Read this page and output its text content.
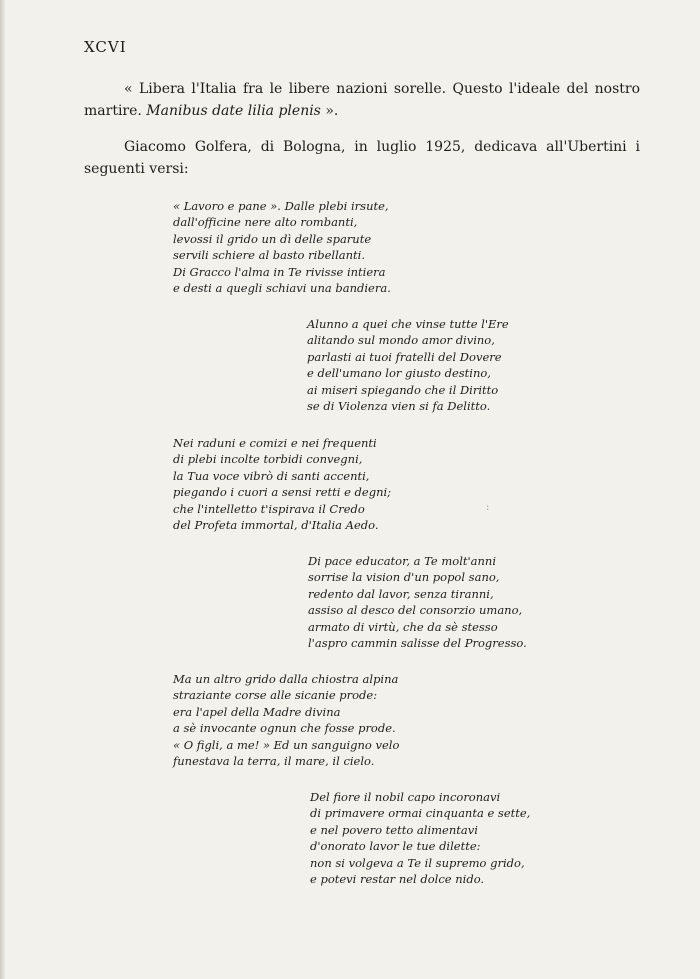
XCVI

« Libera l'Italia fra le libere nazioni sorelle. Questo l'ideale del nostro martire. Manibus date lilia plenis ».

Giacomo Golfera, di Bologna, in luglio 1925, dedicava all'Ubertini i seguenti versi:

« Lavoro e pane ». Dalle plebi irsute,
dall'officine nere alto rombanti,
levossi il grido un dì delle sparute
servili schiere al basto ribellanti.
Di Gracco l'alma in Te rivisse intiera
e desti a quegli schiavi una bandiera.
Alunno a quei che vinse tutte l'Ere
alitando sul mondo amor divino,
parlasti ai tuoi fratelli del Dovere
e dell'umano lor giusto destino,
ai miseri spiegando che il Diritto
se di Violenza vien si fa Delitto.
Nei raduni e comizi e nei frequenti
di plebi incolte torbidi convegni,
la Tua voce vibrò di santi accenti,
piegando i cuori a sensi retti e degni;
che l'intelletto t'ispirava il Credo
del Profeta immortal, d'Italia Aedo.
:
Di pace educator, a Te molt'anni
sorrise la vision d'un popol sano,
redento dal lavor, senza tiranni,
assiso al desco del consorzio umano,
armato di virtù, che da sè stesso
l'aspro cammin salisse del Progresso.
Ma un altro grido dalla chiostra alpina
straziante corse alle sicanie prode:
era l'apel della Madre divina
a sè invocante ognun che fosse prode.
« O figli, a me! » Ed un sanguigno velo
funestava la terra, il mare, il cielo.
Del fiore il nobil capo incoronavi
di primavere ormai cinquanta e sette,
e nel povero tetto alimentavi
d'onorato lavor le tue dilette:
non si volgeva a Te il supremo grido,
e potevi restar nel dolce nido.
